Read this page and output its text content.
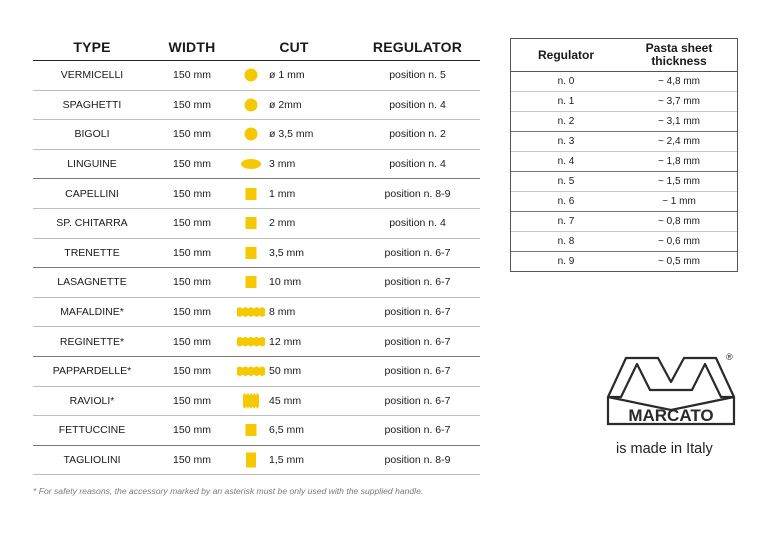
TYPE	WIDTH	CUT	REGULATOR
VERMICELLI	150 mm	ø 1 mm	position n. 5
SPAGHETTI	150 mm	ø 2mm	position n. 4
BIGOLI	150 mm	ø 3,5 mm	position n. 2
LINGUINE	150 mm	3 mm	position n. 4
CAPELLINI	150 mm	1 mm	position n. 8-9
SP. CHITARRA	150 mm	2 mm	position n. 4
TRENETTE	150 mm	3,5 mm	position n. 6-7
LASAGNETTE	150 mm	10 mm	position n. 6-7
MAFALDINE*	150 mm	8 mm	position n. 6-7
REGINETTE*	150 mm	12 mm	position n. 6-7
PAPPARDELLE*	150 mm	50 mm	position n. 6-7
RAVIOLI*	150 mm	45 mm	position n. 6-7
FETTUCCINE	150 mm	6,5 mm	position n. 6-7
TAGLIOLINI	150 mm	1,5 mm	position n. 8-9
Regulator	Pasta sheet thickness
n. 0	~ 4,8 mm
n. 1	~ 3,7 mm
n. 2	~ 3,1 mm
n. 3	~ 2,4 mm
n. 4	~ 1,8 mm
n. 5	~ 1,5 mm
n. 6	~ 1 mm
n. 7	~ 0,8 mm
n. 8	~ 0,6 mm
n. 9	~ 0,5 mm
MARCATO
®
is made in Italy
* For safety reasons, the accessory marked by an asterisk must be only used with the supplied handle.
